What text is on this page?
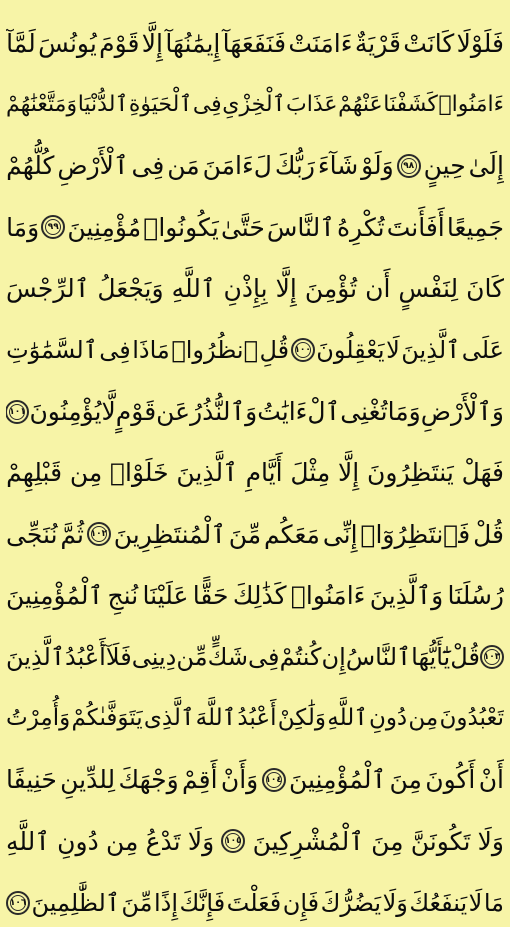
فَلَوْلَا
كَانَتْ
قَرْيَةٌ
ءَامَنَتْ
فَنَفَعَهَآ
إِيمَٰنُهَآ
إِلَّا
قَوْمَ
يُونُسَ
لَمَّآ
ءَامَنُوا۟
كَشَفْنَا
عَنْهُمْ
عَذَابَ
ٱلْخِزْىِ
فِى
ٱلْحَيَوٰةِ
ٱلدُّنْيَا
وَمَتَّعْنَٰهُمْ
إِلَىٰ
حِينٍ
٩٨
وَلَوْ
شَآءَ
رَبُّكَ
لَءَامَنَ
مَن
فِى
ٱلْأَرْضِ
كُلُّهُمْ
جَمِيعًا
أَفَأَنتَ
تُكْرِهُ
ٱلنَّاسَ
حَتَّىٰ
يَكُونُوا۟
مُؤْمِنِينَ
٩٩
وَمَا
كَانَ
لِنَفْسٍ
أَن
تُؤْمِنَ
إِلَّا
بِإِذْنِ
ٱللَّهِ
وَيَجْعَلُ
ٱلرِّجْسَ
عَلَى
ٱلَّذِينَ
لَا
يَعْقِلُونَ
١٠٠
قُلِ
ٱنظُرُوا۟
مَاذَا
فِى
ٱلسَّمَٰوَٰتِ
وَٱلْأَرْضِ
وَمَا
تُغْنِى
ٱلْءَايَٰتُ
وَٱلنُّذُرُ
عَن
قَوْمٍ
لَّا
يُؤْمِنُونَ
١٠١
فَهَلْ
يَنتَظِرُونَ
إِلَّا
مِثْلَ
أَيَّامِ
ٱلَّذِينَ
خَلَوْا۟
مِن
قَبْلِهِمْ
قُلْ
فَٱنتَظِرُوٓا۟
إِنِّى
مَعَكُم
مِّنَ
ٱلْمُنتَظِرِينَ
١٠٢
ثُمَّ
نُنَجِّى
رُسُلَنَا
وَٱلَّذِينَ
ءَامَنُوا۟
كَذَٰلِكَ
حَقًّا
عَلَيْنَا
نُنجِ
ٱلْمُؤْمِنِينَ
١٠٣
قُلْ
يَٰٓأَيُّهَا
ٱلنَّاسُ
إِن
كُنتُمْ
فِى
شَكٍّ
مِّن
دِينِى
فَلَآ
أَعْبُدُ
ٱلَّذِينَ
تَعْبُدُونَ
مِن
دُونِ
ٱللَّهِ
وَلَٰكِنْ
أَعْبُدُ
ٱللَّهَ
ٱلَّذِى
يَتَوَفَّىٰكُمْ
وَأُمِرْتُ
أَنْ
أَكُونَ
مِنَ
ٱلْمُؤْمِنِينَ
١٠٤
وَأَنْ
أَقِمْ
وَجْهَكَ
لِلدِّينِ
حَنِيفًا
وَلَا
تَكُونَنَّ
مِنَ
ٱلْمُشْرِكِينَ
١٠٥
وَلَا
تَدْعُ
مِن
دُونِ
ٱللَّهِ
مَا
لَا
يَنفَعُكَ
وَلَا
يَضُرُّكَ
فَإِن
فَعَلْتَ
فَإِنَّكَ
إِذًا
مِّنَ
ٱلظَّٰلِمِينَ
١٠٦
